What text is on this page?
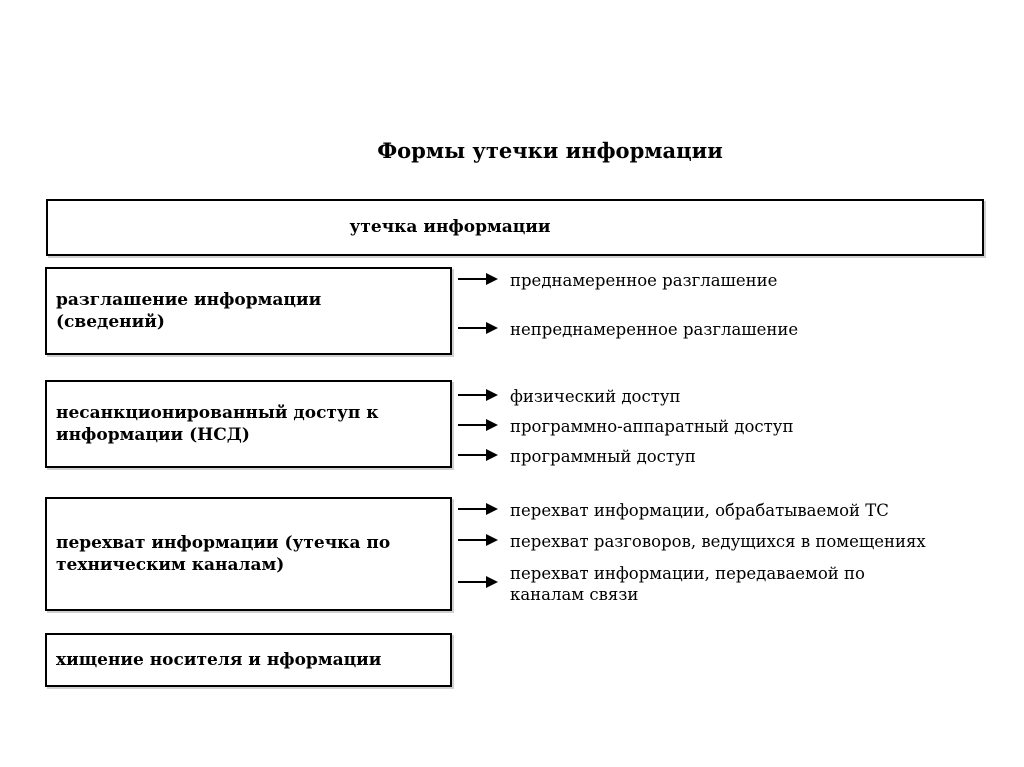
Формы утечки информации
утечка информации
разглашение информации (сведений)
несанкционированный доступ к информации (НСД)
перехват информации (утечка по техническим каналам)
хищение носителя и нформации
преднамеренное разглашение
непреднамеренное разглашение
физический доступ
программно-аппаратный доступ
программный доступ
перехват информации, обрабатываемой ТС
перехват разговоров, ведущихся в помещениях
перехват информации, передаваемой по каналам связи
